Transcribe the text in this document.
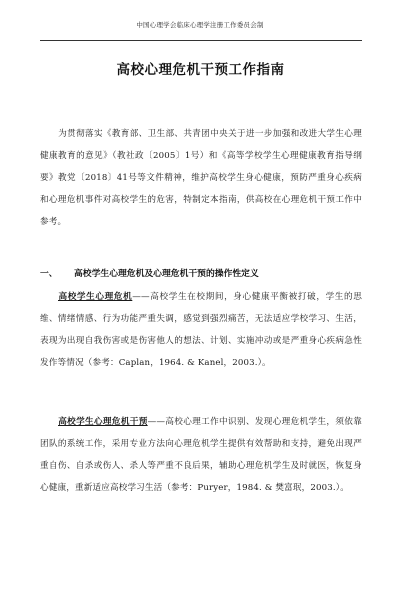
中国心理学会临床心理学注册工作委员会制
高校心理危机干预工作指南
为贯彻落实《教育部、卫生部、共青团中央关于进一步加强和改进大学生心理健康教育的意见》（教社政〔2005〕1号）和《高等学校学生心理健康教育指导纲要》教党〔2018〕41号等文件精神，维护高校学生身心健康，预防严重身心疾病和心理危机事件对高校学生的危害，特制定本指南，供高校在心理危机干预工作中参考。
一、 高校学生心理危机及心理危机干预的操作性定义
高校学生心理危机——高校学生在校期间，身心健康平衡被打破，学生的思维、情绪情感、行为功能严重失调，感觉到强烈痛苦，无法适应学校学习、生活，表现为出现自我伤害或是伤害他人的想法、计划、实施冲动或是严重身心疾病急性发作等情况（参考：Caplan，1964. & Kanel，2003.）。
高校学生心理危机干预——高校心理工作中识别、发现心理危机学生，须依靠团队的系统工作，采用专业方法向心理危机学生提供有效帮助和支持，避免出现严重自伤、自杀或伤人、杀人等严重不良后果，辅助心理危机学生及时就医，恢复身心健康，重新适应高校学习生活（参考：Puryer，1984. & 樊富珉，2003.）。
